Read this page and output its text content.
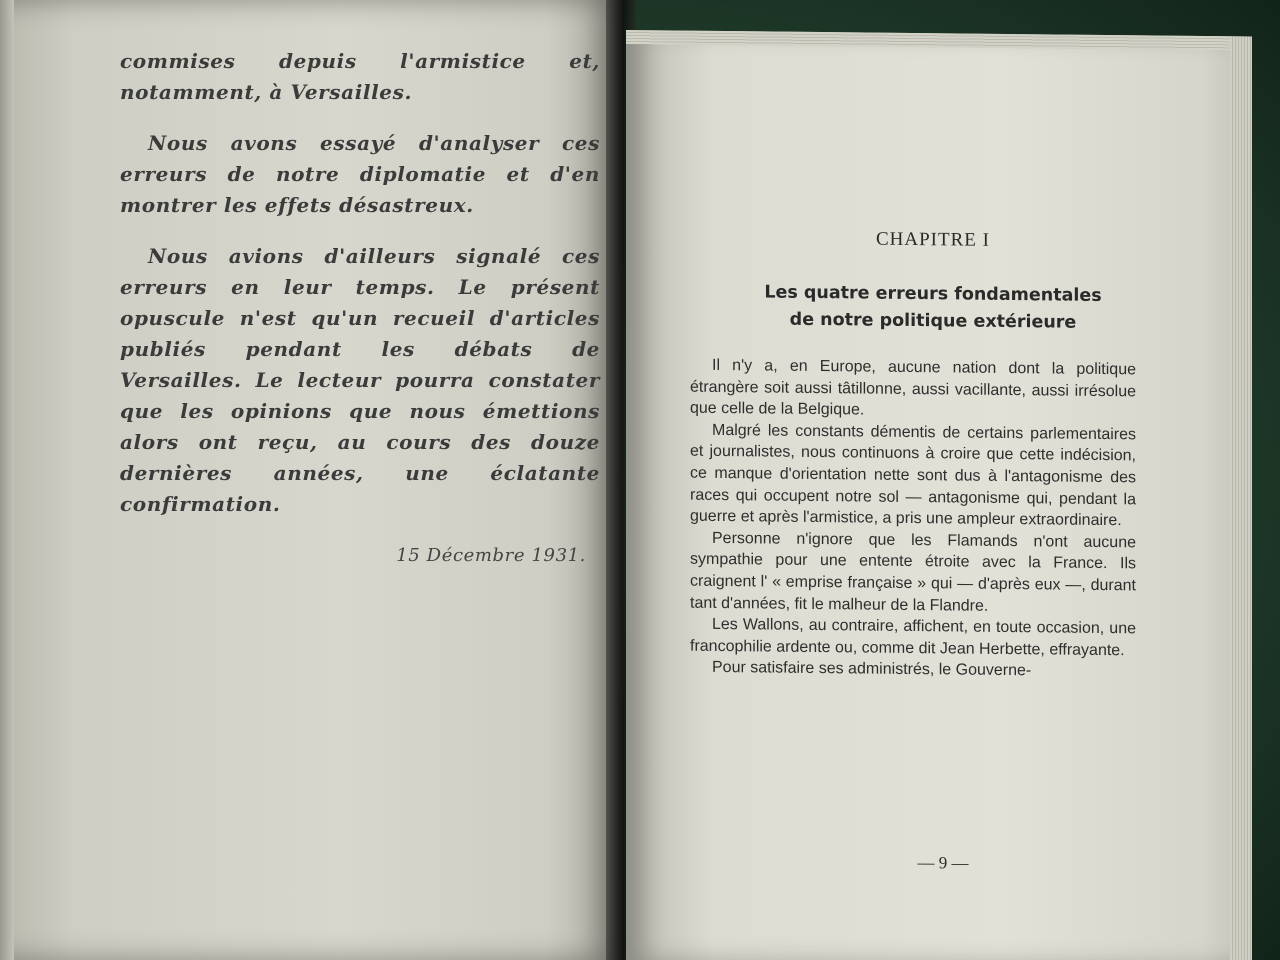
commises depuis l'armistice et, notamment, à Versailles.

Nous avons essayé d'analyser ces erreurs de notre diplomatie et d'en montrer les effets désastreux.

Nous avions d'ailleurs signalé ces erreurs en leur temps. Le présent opuscule n'est qu'un recueil d'articles publiés pendant les débats de Versailles. Le lecteur pourra constater que les opinions que nous émettions alors ont reçu, au cours des douze dernières années, une éclatante confirmation.

15 Décembre 1931.
CHAPITRE I
Les quatre erreurs fondamentales
de notre politique extérieure

Il n'y a, en Europe, aucune nation dont la politique étrangère soit aussi tâtillonne, aussi vacillante, aussi irrésolue que celle de la Belgique.

Malgré les constants démentis de certains parlementaires et journalistes, nous continuons à croire que cette indécision, ce manque d'orientation nette sont dus à l'antagonisme des races qui occupent notre sol — antagonisme qui, pendant la guerre et après l'armistice, a pris une ampleur extraordinaire.

Personne n'ignore que les Flamands n'ont aucune sympathie pour une entente étroite avec la France. Ils craignent l' « emprise française » qui — d'après eux —, durant tant d'années, fit le malheur de la Flandre.

Les Wallons, au contraire, affichent, en toute occasion, une francophilie ardente ou, comme dit Jean Herbette, effrayante.

Pour satisfaire ses administrés, le Gouverne-

— 9 —
